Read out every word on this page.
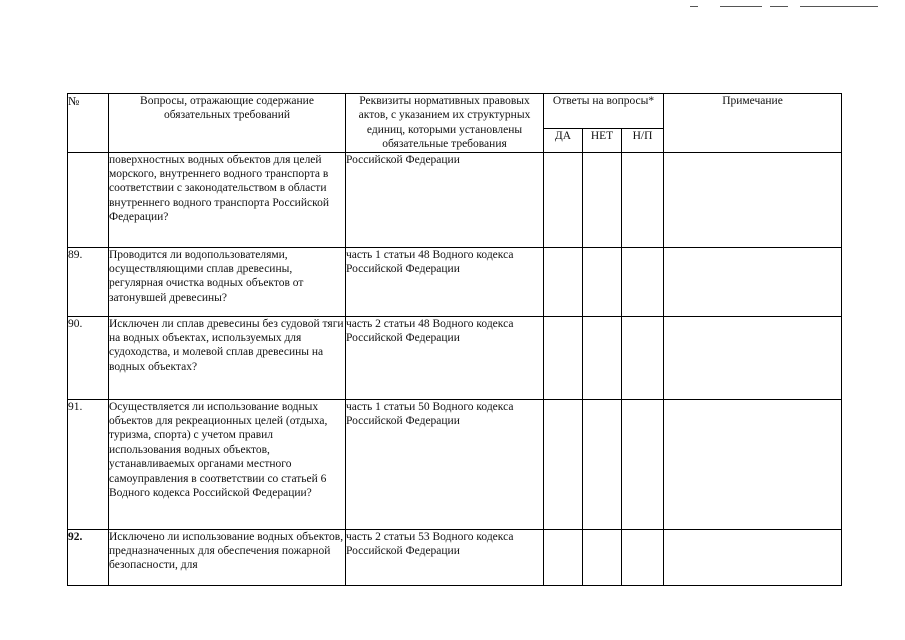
№	Вопросы, отражающие содержание обязательных требований	Реквизиты нормативных правовых актов, с указанием их структурных единиц, которыми установлены обязательные требования	Ответы на вопросы*			Примечание
			ДА	НЕТ	Н/П	
	поверхностных водных объектов для целей морского, внутреннего водного транспорта в соответствии с законодательством в области внутреннего водного транспорта Российской Федерации?	Российской Федерации				
89.	Проводится ли водопользователями, осуществляющими сплав древесины, регулярная очистка водных объектов от затонувшей древесины?	часть 1 статьи 48 Водного кодекса Российской Федерации				
90.	Исключен ли сплав древесины без судовой тяги на водных объектах, используемых для судоходства, и молевой сплав древесины на водных объектах?	часть 2 статьи 48 Водного кодекса Российской Федерации				
91.	Осуществляется ли использование водных объектов для рекреационных целей (отдыха, туризма, спорта) с учетом правил использования водных объектов, устанавливаемых органами местного самоуправления в соответствии со статьей 6 Водного кодекса Российской Федерации?	часть 1 статьи 50 Водного кодекса Российской Федерации				
92.	Исключено ли использование водных объектов, предназначенных для обеспечения пожарной безопасности, для	часть 2 статьи 53 Водного кодекса Российской Федерации				
